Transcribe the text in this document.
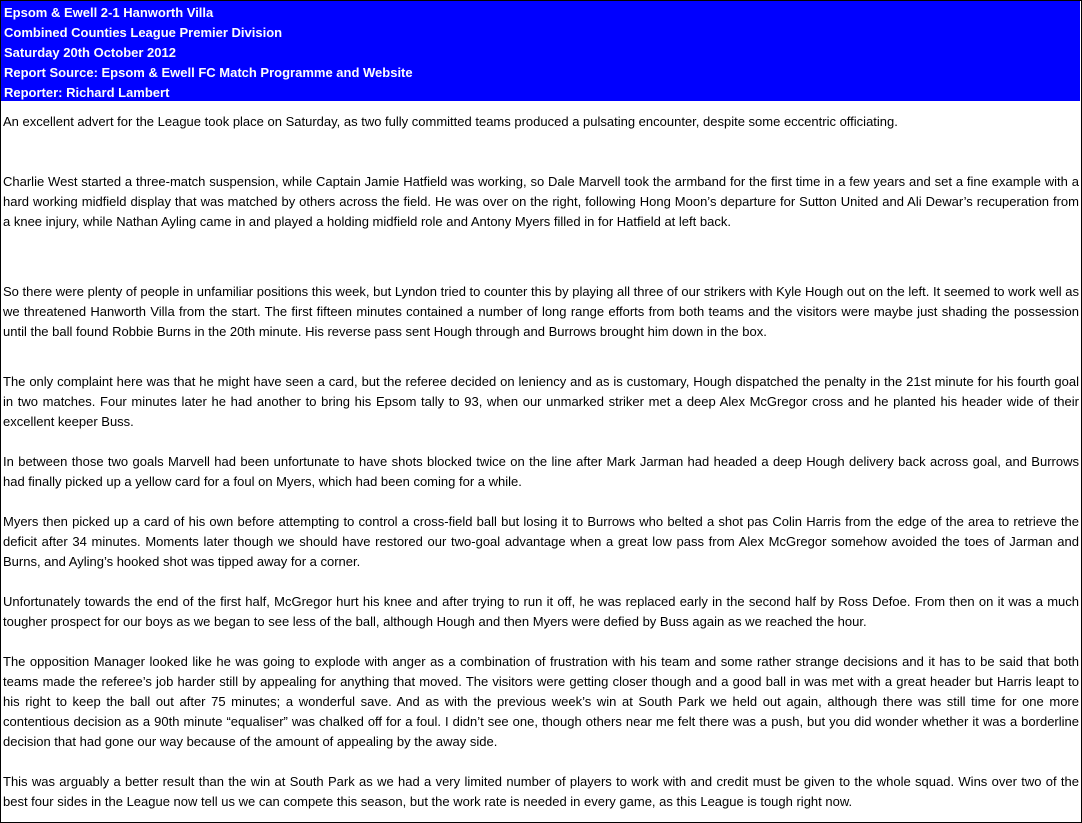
Epsom & Ewell 2-1 Hanworth Villa
Combined Counties League Premier Division
Saturday 20th October 2012
Report Source: Epsom & Ewell FC Match Programme and Website
Reporter: Richard Lambert

An excellent advert for the League took place on Saturday, as two fully committed teams produced a pulsating encounter, despite some eccentric officiating.

Charlie West started a three-match suspension, while Captain Jamie Hatfield was working, so Dale Marvell took the armband for the first time in a few years and set a fine example with a hard working midfield display that was matched by others across the field. He was over on the right, following Hong Moon’s departure for Sutton United and Ali Dewar’s recuperation from a knee injury, while Nathan Ayling came in and played a holding midfield role and Antony Myers filled in for Hatfield at left back.

So there were plenty of people in unfamiliar positions this week, but Lyndon tried to counter this by playing all three of our strikers with Kyle Hough out on the left. It seemed to work well as we threatened Hanworth Villa from the start. The first fifteen minutes contained a number of long range efforts from both teams and the visitors were maybe just shading the possession until the ball found Robbie Burns in the 20th minute. His reverse pass sent Hough through and Burrows brought him down in the box.

The only complaint here was that he might have seen a card, but the referee decided on leniency and as is customary, Hough dispatched the penalty in the 21st minute for his fourth goal in two matches. Four minutes later he had another to bring his Epsom tally to 93, when our unmarked striker met a deep Alex McGregor cross and he planted his header wide of their excellent keeper Buss.

In between those two goals Marvell had been unfortunate to have shots blocked twice on the line after Mark Jarman had headed a deep Hough delivery back across goal, and Burrows had finally picked up a yellow card for a foul on Myers, which had been coming for a while.

Myers then picked up a card of his own before attempting to control a cross-field ball but losing it to Burrows who belted a shot pas Colin Harris from the edge of the area to retrieve the deficit after 34 minutes. Moments later though we should have restored our two-goal advantage when a great low pass from Alex McGregor somehow avoided the toes of Jarman and Burns, and Ayling’s hooked shot was tipped away for a corner.

Unfortunately towards the end of the first half, McGregor hurt his knee and after trying to run it off, he was replaced early in the second half by Ross Defoe. From then on it was a much tougher prospect for our boys as we began to see less of the ball, although Hough and then Myers were defied by Buss again as we reached the hour.

The opposition Manager looked like he was going to explode with anger as a combination of frustration with his team and some rather strange decisions and it has to be said that both teams made the referee’s job harder still by appealing for anything that moved. The visitors were getting closer though and a good ball in was met with a great header but Harris leapt to his right to keep the ball out after 75 minutes; a wonderful save. And as with the previous week’s win at South Park we held out again, although there was still time for one more contentious decision as a 90th minute “equaliser” was chalked off for a foul. I didn’t see one, though others near me felt there was a push, but you did wonder whether it was a borderline decision that had gone our way because of the amount of appealing by the away side.

This was arguably a better result than the win at South Park as we had a very limited number of players to work with and credit must be given to the whole squad. Wins over two of the best four sides in the League now tell us we can compete this season, but the work rate is needed in every game, as this League is tough right now.
